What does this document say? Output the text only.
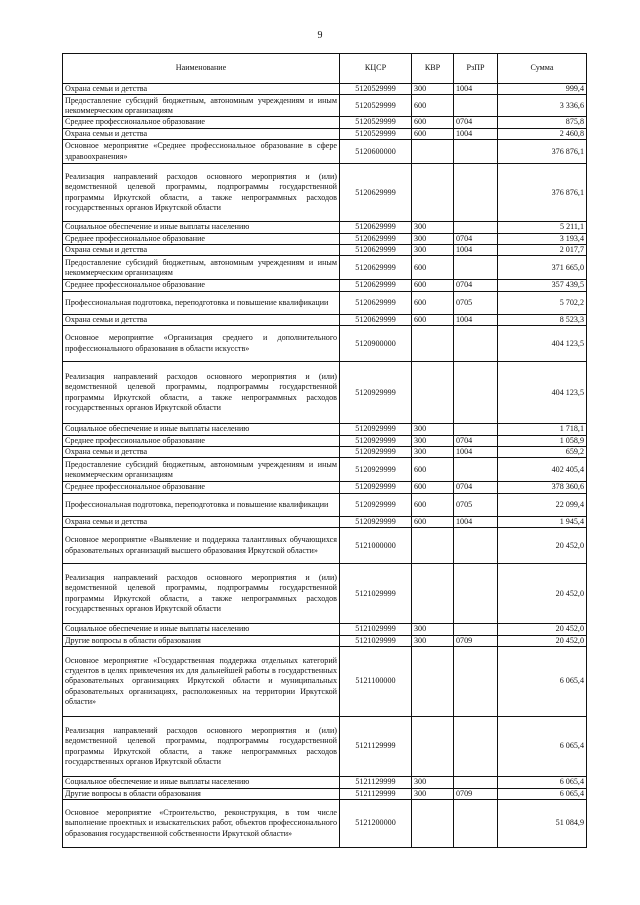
9
Наименование	КЦСР	КВР	РзПР	Сумма
Охрана семьи и детства	5120529999	300	1004	999,4
Предоставление субсидий бюджетным, автономным учреждениям и иным некоммерческим организациям	5120529999	600		3 336,6
Среднее профессиональное образование	5120529999	600	0704	875,8
Охрана семьи и детства	5120529999	600	1004	2 460,8
Основное мероприятие «Среднее профессиональное образование в сфере здравоохранения»	5120600000			376 876,1
Реализация направлений расходов основного мероприятия и (или) ведомственной целевой программы, подпрограммы государственной программы Иркутской области, а также непрограммных расходов государственных органов Иркутской области	5120629999			376 876,1
Социальное обеспечение и иные выплаты населению	5120629999	300		5 211,1
Среднее профессиональное образование	5120629999	300	0704	3 193,4
Охрана семьи и детства	5120629999	300	1004	2 017,7
Предоставление субсидий бюджетным, автономным учреждениям и иным некоммерческим организациям	5120629999	600		371 665,0
Среднее профессиональное образование	5120629999	600	0704	357 439,5
Профессиональная подготовка, переподготовка и повышение квалификации	5120629999	600	0705	5 702,2
Охрана семьи и детства	5120629999	600	1004	8 523,3
Основное мероприятие «Организация среднего и дополнительного профессионального образования в области искусств»	5120900000			404 123,5
Реализация направлений расходов основного мероприятия и (или) ведомственной целевой программы, подпрограммы государственной программы Иркутской области, а также непрограммных расходов государственных органов Иркутской области	5120929999			404 123,5
Социальное обеспечение и иные выплаты населению	5120929999	300		1 718,1
Среднее профессиональное образование	5120929999	300	0704	1 058,9
Охрана семьи и детства	5120929999	300	1004	659,2
Предоставление субсидий бюджетным, автономным учреждениям и иным некоммерческим организациям	5120929999	600		402 405,4
Среднее профессиональное образование	5120929999	600	0704	378 360,6
Профессиональная подготовка, переподготовка и повышение квалификации	5120929999	600	0705	22 099,4
Охрана семьи и детства	5120929999	600	1004	1 945,4
Основное мероприятие «Выявление и поддержка талантливых обучающихся образовательных организаций высшего образования Иркутской области»	5121000000			20 452,0
Реализация направлений расходов основного мероприятия и (или) ведомственной целевой программы, подпрограммы государственной программы Иркутской области, а также непрограммных расходов государственных органов Иркутской области	5121029999			20 452,0
Социальное обеспечение и иные выплаты населению	5121029999	300		20 452,0
Другие вопросы в области образования	5121029999	300	0709	20 452,0
Основное мероприятие «Государственная поддержка отдельных категорий студентов в целях привлечения их для дальнейшей работы в государственных образовательных организациях Иркутской области и муниципальных образовательных организациях, расположенных на территории Иркутской области»	5121100000			6 065,4
Реализация направлений расходов основного мероприятия и (или) ведомственной целевой программы, подпрограммы государственной программы Иркутской области, а также непрограммных расходов государственных органов Иркутской области	5121129999			6 065,4
Социальное обеспечение и иные выплаты населению	5121129999	300		6 065,4
Другие вопросы в области образования	5121129999	300	0709	6 065,4
Основное мероприятие «Строительство, реконструкция, в том числе выполнение проектных и изыскательских работ, объектов профессионального образования государственной собственности Иркутской области»	5121200000			51 084,9
